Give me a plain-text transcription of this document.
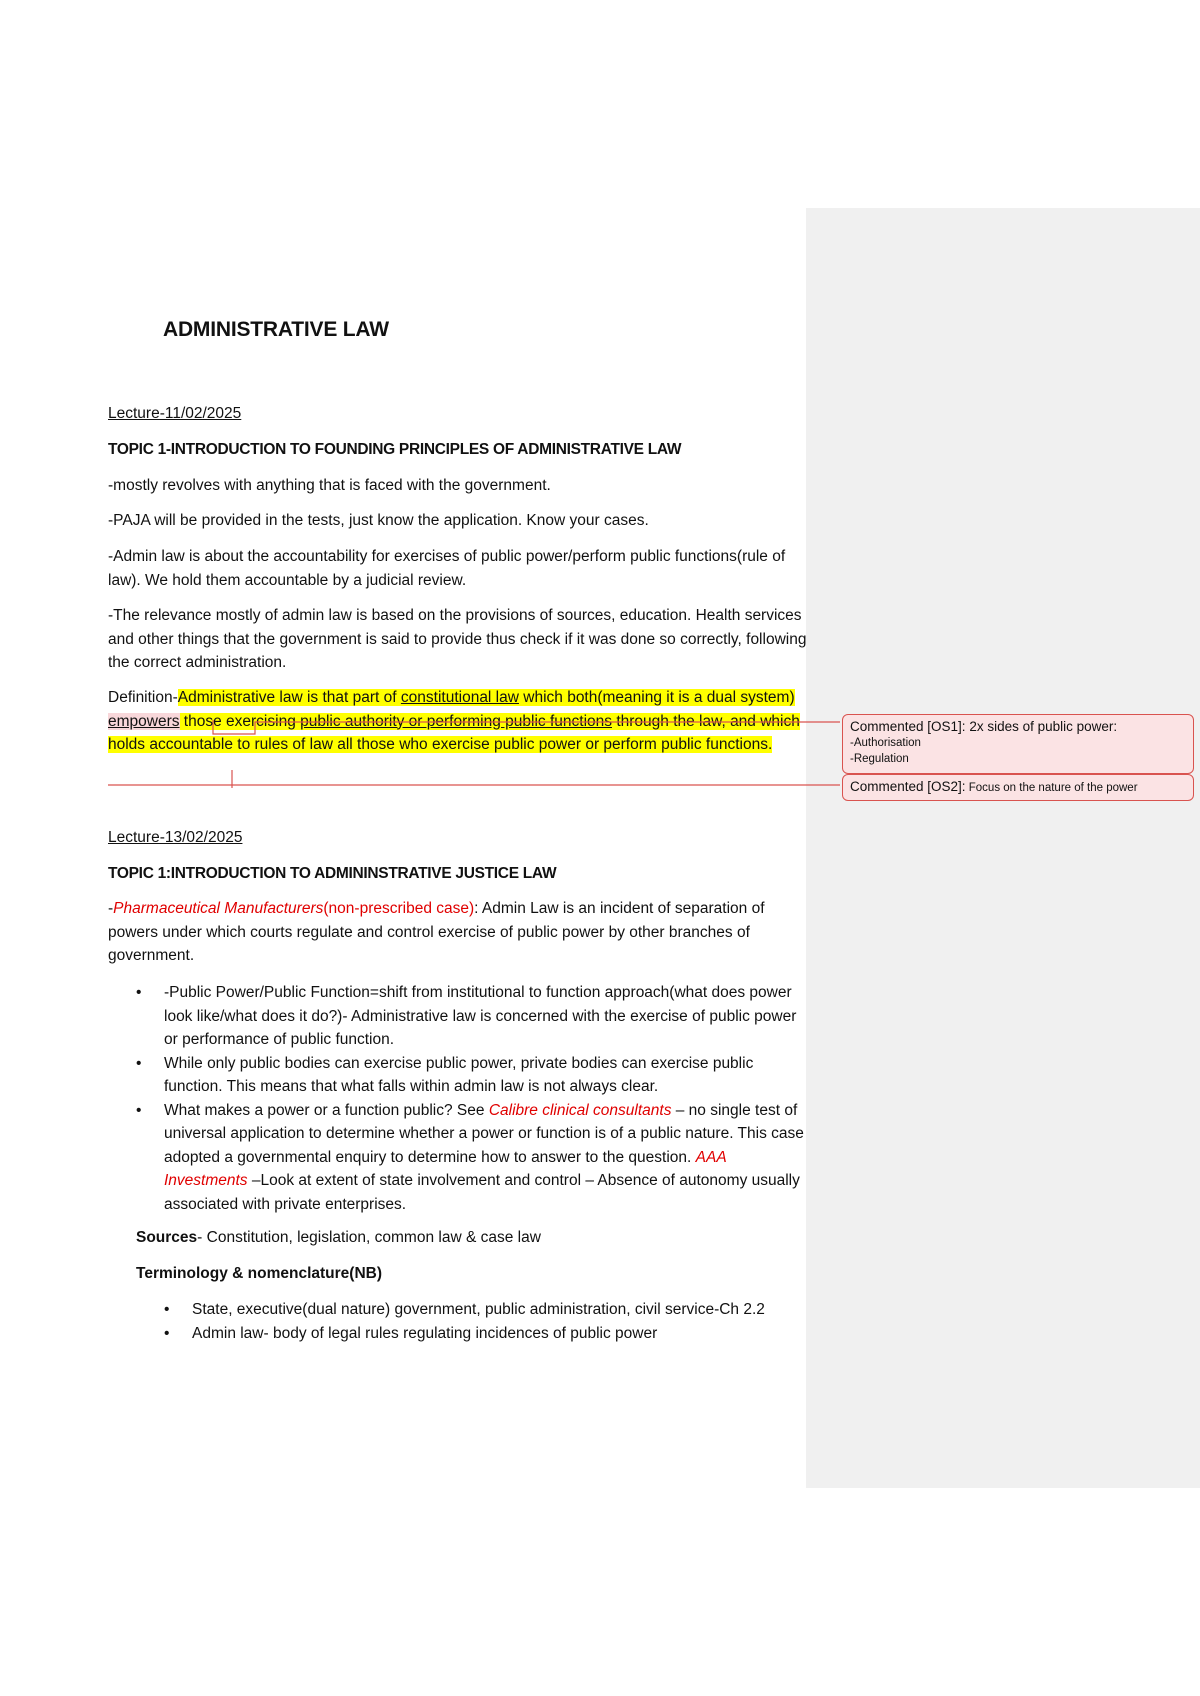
ADMINISTRATIVE LAW
Lecture-11/02/2025
TOPIC 1-INTRODUCTION TO FOUNDING PRINCIPLES OF ADMINISTRATIVE LAW

-mostly revolves with anything that is faced with the government.

-PAJA will be provided in the tests, just know the application. Know your cases.

-Admin law is about the accountability for exercises of public power/perform public functions(rule of law). We hold them accountable by a judicial review.

-The relevance mostly of admin law is based on the provisions of sources, education. Health services and other things that the government is said to provide thus check if it was done so correctly, following the correct administration.

Definition-Administrative law is that part of constitutional law which both(meaning it is a dual system) empowers those exercising public authority or performing public functions through the law, and which holds accountable to rules of law all those who exercise public power or perform public functions.

Lecture-13/02/2025
TOPIC 1:INTRODUCTION TO ADMININSTRATIVE JUSTICE LAW

-Pharmaceutical Manufacturers(non-prescribed case): Admin Law is an incident of separation of powers under which courts regulate and control exercise of public power by other branches of government.

• -Public Power/Public Function=shift from institutional to function approach(what does power look like/what does it do?)- Administrative law is concerned with the exercise of public power or performance of public function.
• While only public bodies can exercise public power, private bodies can exercise public function. This means that what falls within admin law is not always clear.
• What makes a power or a function public? See Calibre clinical consultants – no single test of universal application to determine whether a power or function is of a public nature. This case adopted a governmental enquiry to determine how to answer to the question. AAA Investments –Look at extent of state involvement and control – Absence of autonomy usually associated with private enterprises.

Sources- Constitution, legislation, common law & case law

Terminology & nomenclature(NB)
• State, executive(dual nature) government, public administration, civil service-Ch 2.2
• Admin law- body of legal rules regulating incidences of public power
Commented [OS1]: 2x sides of public power:
-Authorisation
-Regulation
Commented [OS2]: Focus on the nature of the power
